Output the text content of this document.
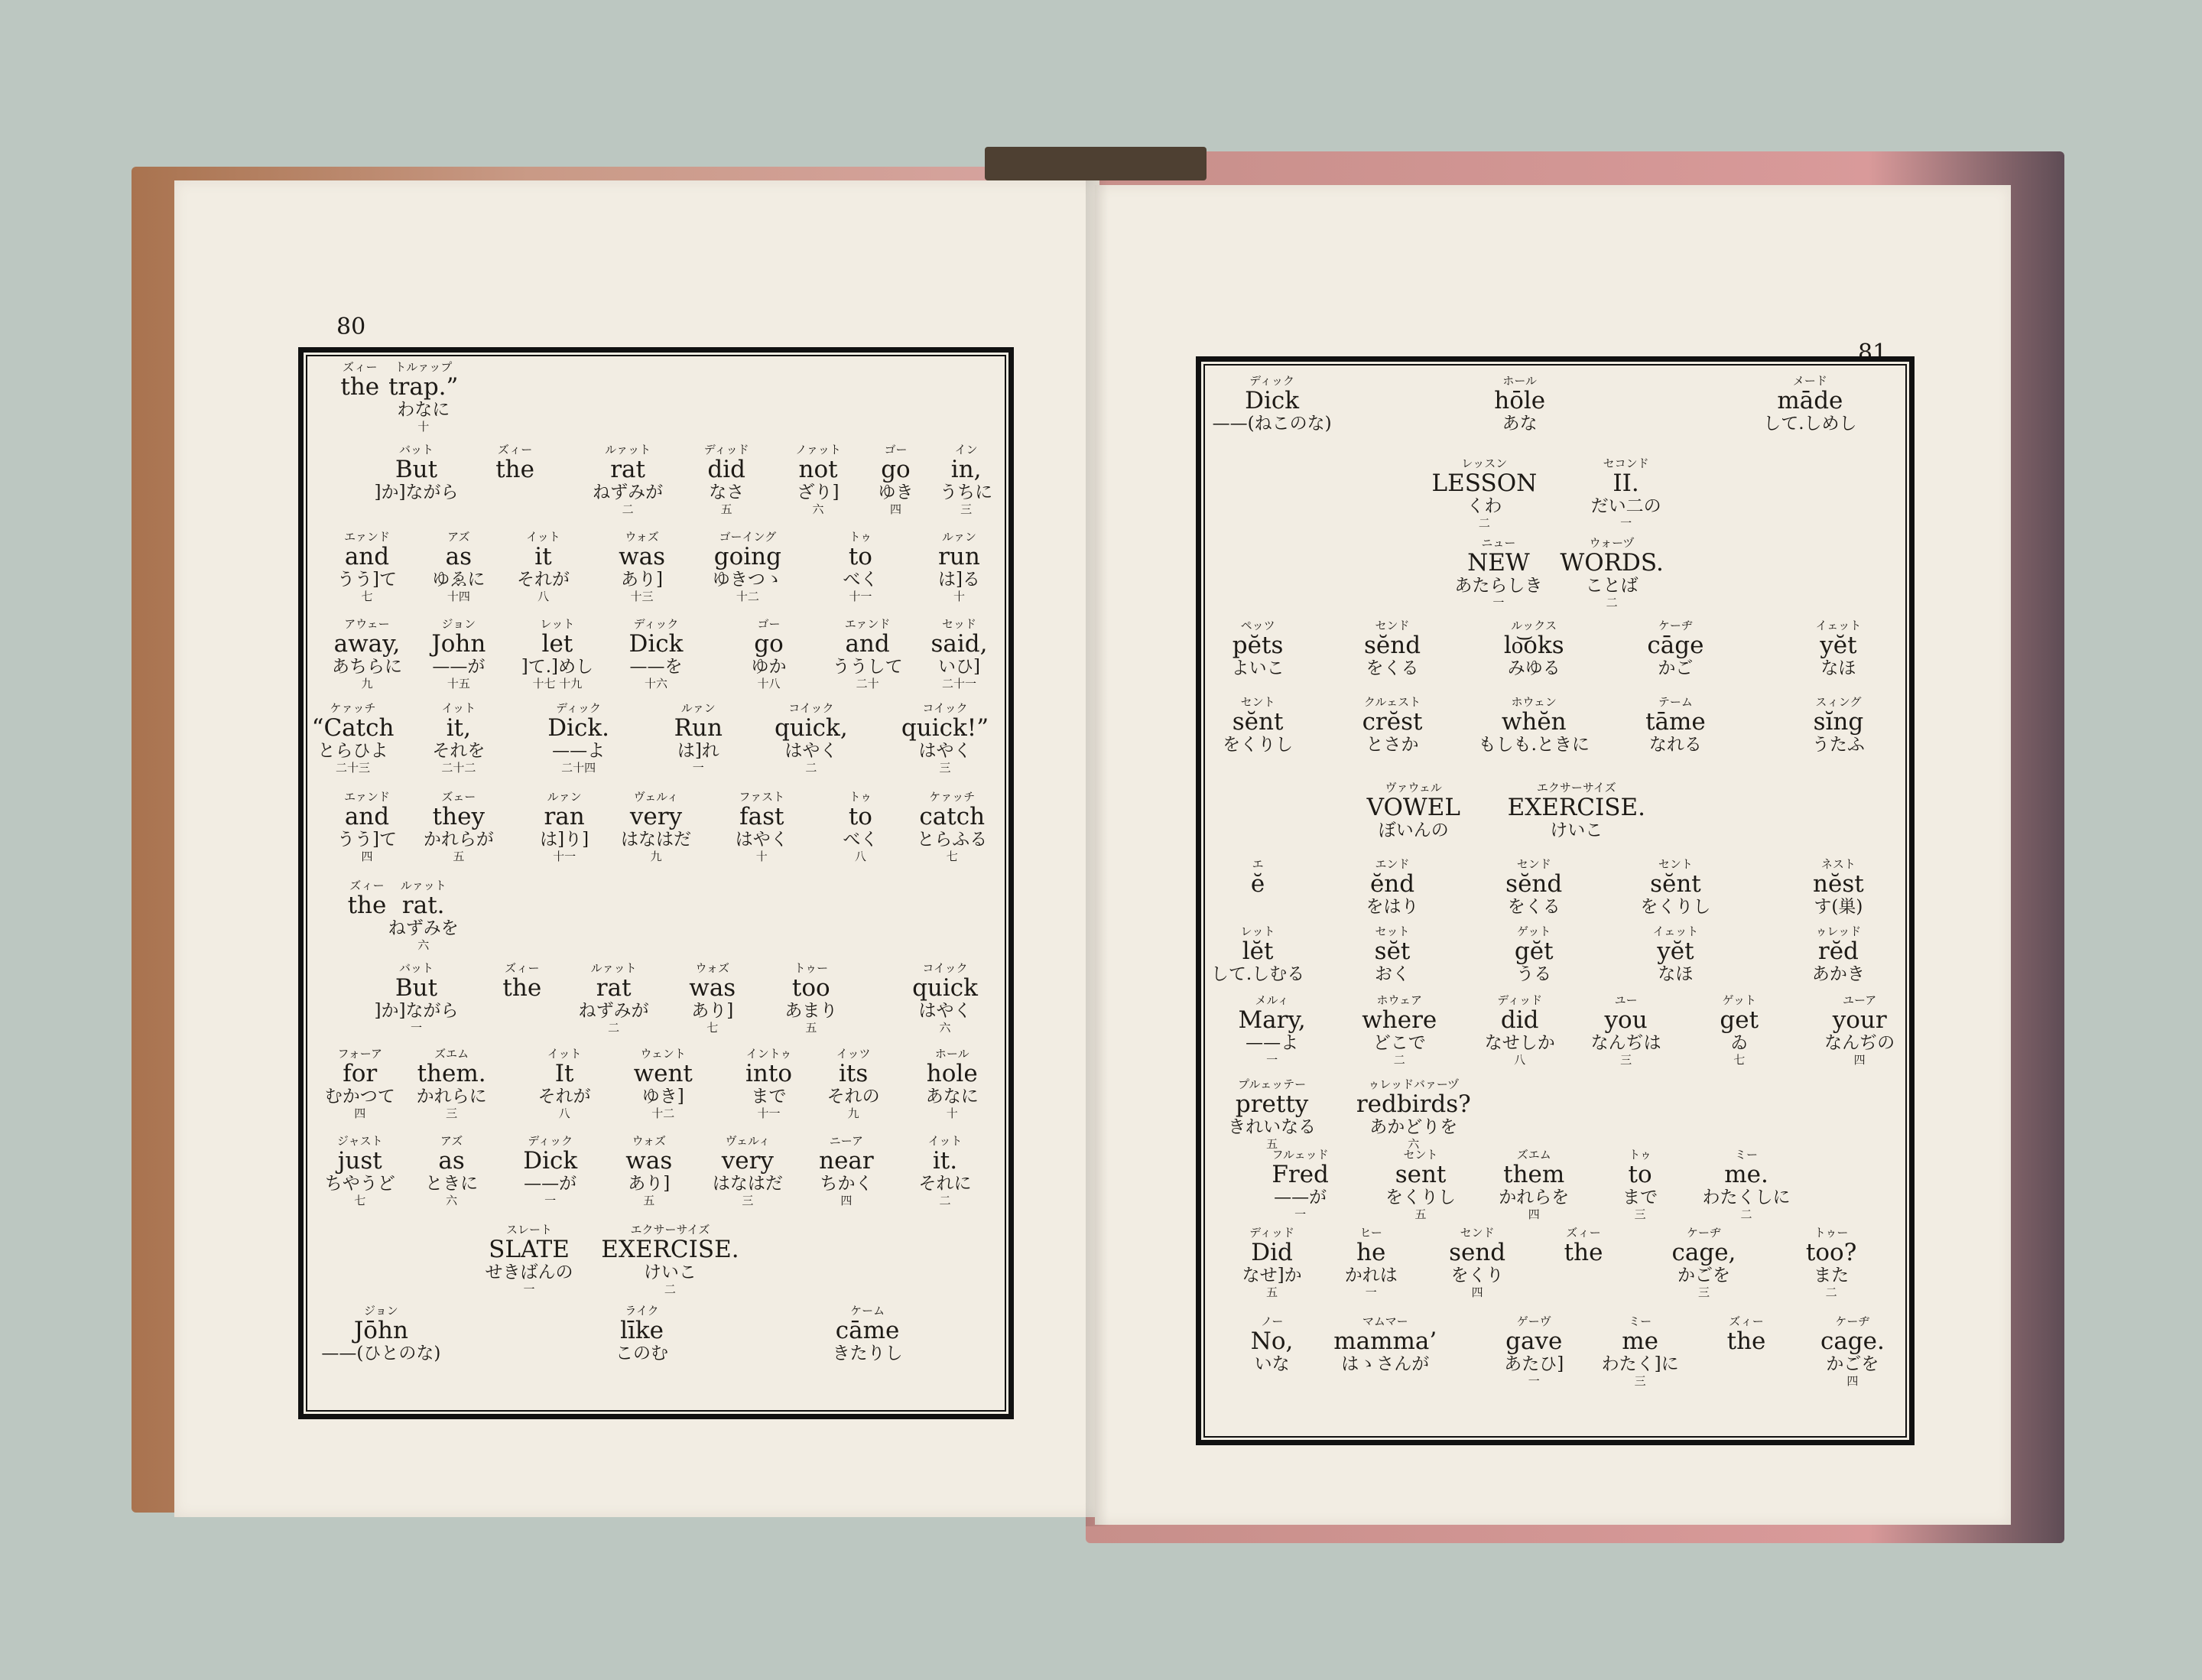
80
81
ズィー
the
トルァップ
trap.”
わなに
十
バット
But
]か]ながら
ズィー
the
ルァット
rat
ねずみが
二
ディッド
did
なさ
五
ノァット
not
ざり]
六
ゴー
go
ゆき
四
イン
in,
うちに
三
エァンド
and
うう]て
七
アズ
as
ゆゑに
十四
イット
it
それが
八
ウォズ
was
あり]
十三
ゴーイング
going
ゆきつゝ
十二
トゥ
to
べく
十一
ルァン
run
は]る
十
アウェー
away,
あちらに
九
ジョン
John
——が
十五
レット
let
]て.]めし
十七 十九
ディック
Dick
——を
十六
ゴー
go
ゆか
十八
エァンド
and
ううして
二十
セッド
said,
いひ]
二十一
ケァッチ
“Catch
とらひよ
二十三
イット
it,
それを
二十二
ディック
Dick.
——よ
二十四
ルァン
Run
は]れ
一
コイック
quick,
はやく
二
コイック
quick!”
はやく
三
エァンド
and
うう]て
四
ズェー
they
かれらが
五
ルァン
ran
は]り]
十一
ヴェルィ
very
はなはだ
九
ファスト
fast
はやく
十
トゥ
to
べく
八
ケァッチ
catch
とらふる
七
ズィー
the
ルァット
rat.
ねずみを
六
バット
But
]か]ながら
一
ズィー
the
ルァット
rat
ねずみが
二
ウォズ
was
あり]
七
トゥー
too
あまり
五
コイック
quick
はやく
六
フォーア
for
むかつて
四
ズエム
them.
かれらに
三
イット
It
それが
八
ウェント
went
ゆき]
十二
イントゥ
into
まで
十一
イッツ
its
それの
九
ホール
hole
あなに
十
ジャスト
just
ちやうど
七
アズ
as
ときに
六
ディック
Dick
——が
一
ウォズ
was
あり]
五
ヴェルィ
very
はなはだ
三
ニーア
near
ちかく
四
イット
it.
それに
二
スレート
SLATE
せきばんの
一
エクサーサイズ
EXERCISE.
けいこ
二
ジョン
Jōhn
——(ひとのな)
ライク
līke
このむ
ケーム
cāme
きたりし
ディック
Dick
——(ねこのな)
ホール
hōle
あな
メード
māde
して.しめし
レッスン
LESSON
くわ
二
セコンド
II.
だい二の
一
ニュー
NEW
あたらしき
一
ウォーヅ
WORDS.
ことば
二
ペッツ
pĕts
よいこ
センド
sĕnd
をくる
ルックス
lo͝oks
みゆる
ケーヂ
cāge
かご
イェット
yĕt
なほ
セント
sĕnt
をくりし
クルェスト
crĕst
とさか
ホウェン
whĕn
もしも.ときに
テーム
tāme
なれる
スィング
sĭng
うたふ
ヴァウェル
VOWEL
ぼいんの
エクサーサイズ
EXERCISE.
けいこ
エ
ĕ
エンド
ĕnd
をはり
センド
sĕnd
をくる
セント
sĕnt
をくりし
ネスト
nĕst
す(巣)
レット
lĕt
して.しむる
セット
sĕt
おく
ゲット
gĕt
うる
イェット
yĕt
なほ
ゥレッド
rĕd
あかき
メルィ
Mary,
——よ
一
ホウェア
where
どこで
二
ディッド
did
なせしか
八
ユー
you
なんぢは
三
ゲット
get
ゐ
七
ユーア
your
なんぢの
四
プルェッテー
pretty
きれいなる
五
ゥレッドバァーヅ
redbirds?
あかどりを
六
フルェッド
Fred
——が
一
セント
sent
をくりし
五
ズエム
them
かれらを
四
トゥ
to
まで
三
ミー
me.
わたくしに
二
ディッド
Did
なせ]か
五
ヒー
he
かれは
一
センド
send
をくり
四
ズィー
the
ケーヂ
cage,
かごを
三
トゥー
too?
また
二
ノー
No,
いな
マムマー
mamma’
はゝさんが
ゲーヴ
gave
あたひ]
一
ミー
me
わたく]に
三
ズィー
the
ケーヂ
cage.
かごを
四
